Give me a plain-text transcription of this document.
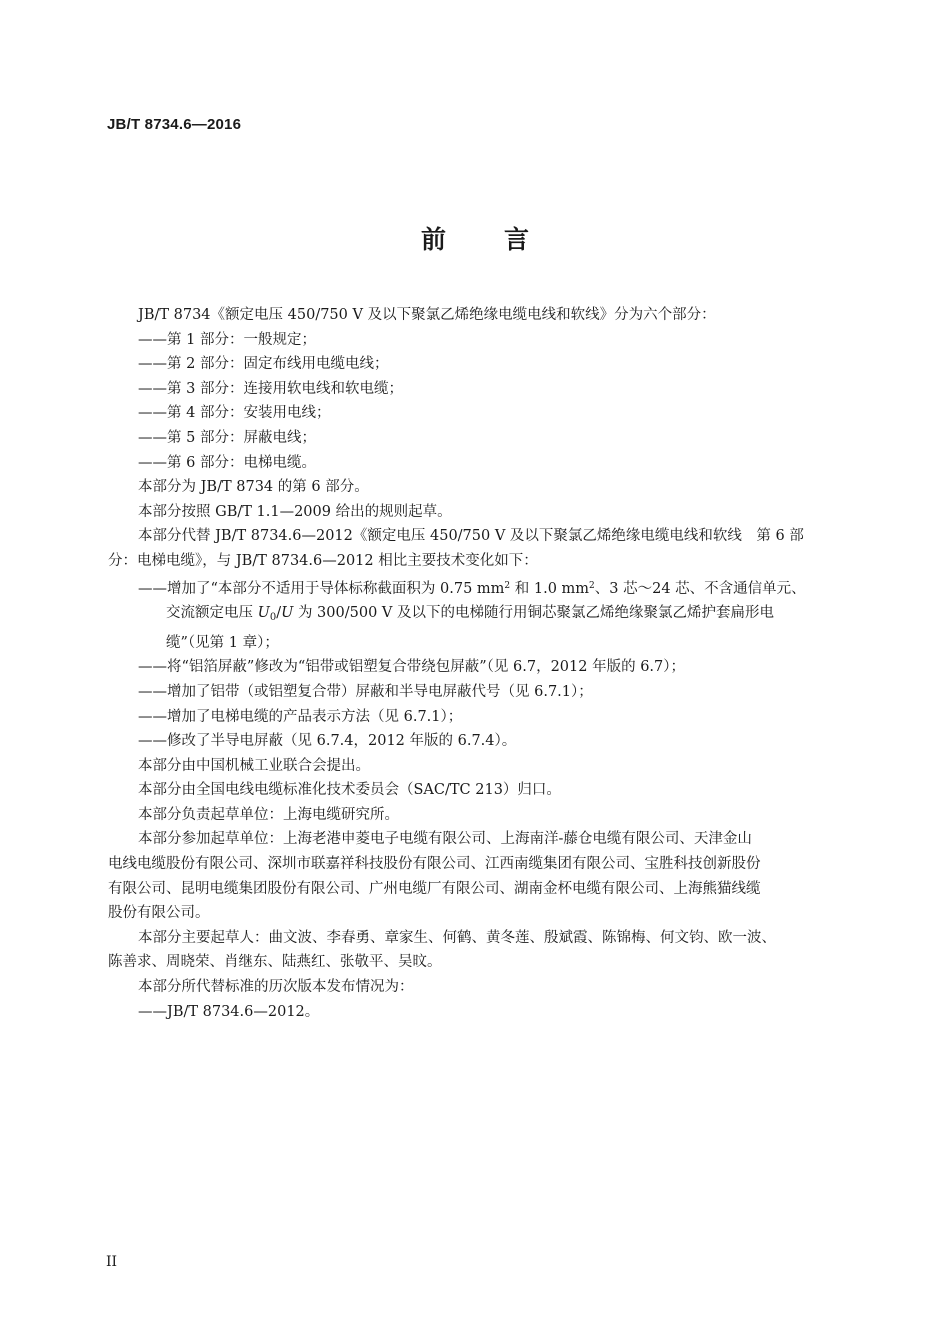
JB/T 8734.6—2016
前 言

JB/T 8734《额定电压 450/750 V 及以下聚氯乙烯绝缘电缆电线和软线》分为六个部分：

——第 1 部分：一般规定；

——第 2 部分：固定布线用电缆电线；

——第 3 部分：连接用软电线和软电缆；

——第 4 部分：安装用电线；

——第 5 部分：屏蔽电线；

——第 6 部分：电梯电缆。

本部分为 JB/T 8734 的第 6 部分。

本部分按照 GB/T 1.1—2009 给出的规则起草。

本部分代替 JB/T 8734.6—2012《额定电压 450/750 V 及以下聚氯乙烯绝缘电缆电线和软线　第 6 部

分：电梯电缆》，与 JB/T 8734.6—2012 相比主要技术变化如下：

——增加了“本部分不适用于导体标称截面积为 0.75 $mm^2$ 和 1.0 $mm^2$、3 芯～24 芯、不含通信单元、

交流额定电压 $U_0/U$ 为 300/500 V 及以下的电梯随行用铜芯聚氯乙烯绝缘聚氯乙烯护套扁形电

缆”（见第 1 章）；

——将“铝箔屏蔽”修改为“铝带或铝塑复合带绕包屏蔽”（见 6.7，2012 年版的 6.7）；

——增加了铝带（或铝塑复合带）屏蔽和半导电屏蔽代号（见 6.7.1）；

——增加了电梯电缆的产品表示方法（见 6.7.1）；

——修改了半导电屏蔽（见 6.7.4，2012 年版的 6.7.4）。

本部分由中国机械工业联合会提出。

本部分由全国电线电缆标准化技术委员会（SAC/TC 213）归口。

本部分负责起草单位：上海电缆研究所。

本部分参加起草单位：上海老港申菱电子电缆有限公司、上海南洋-藤仓电缆有限公司、天津金山

电线电缆股份有限公司、深圳市联嘉祥科技股份有限公司、江西南缆集团有限公司、宝胜科技创新股份

有限公司、昆明电缆集团股份有限公司、广州电缆厂有限公司、湖南金杯电缆有限公司、上海熊猫线缆

股份有限公司。

本部分主要起草人：曲文波、李春勇、章家生、何鹤、黄冬莲、殷斌霞、陈锦梅、何文钧、欧一波、

陈善求、周晓荣、肖继东、陆燕红、张敬平、吴旼。

本部分所代替标准的历次版本发布情况为：

——JB/T 8734.6—2012。

II
